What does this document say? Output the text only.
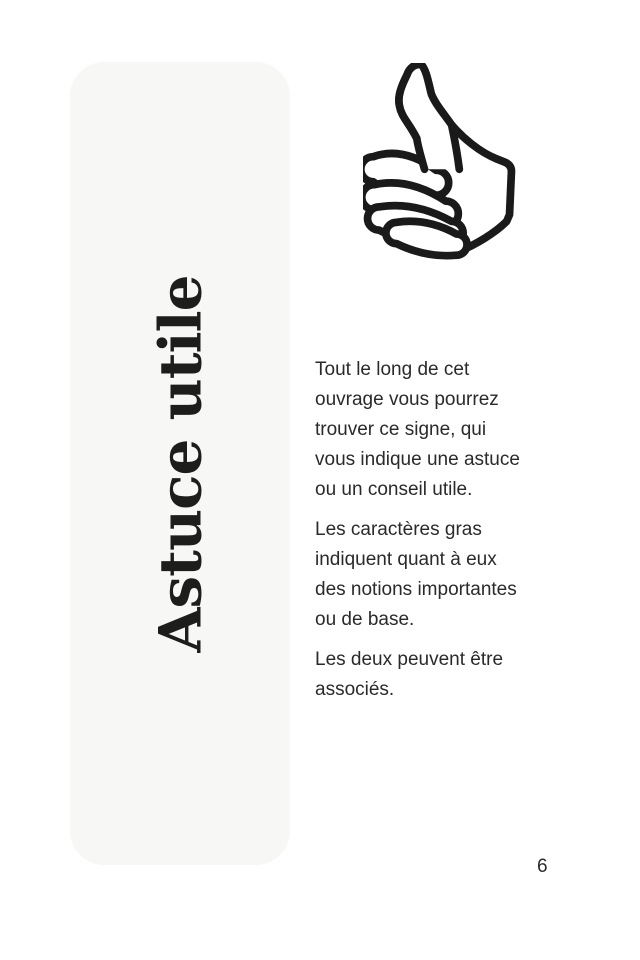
Astuce utile	Tout le long de cet
ouvrage vous pourrez
trouver ce signe, qui
vous indique une astuce
ou un conseil utile.

Les caractères gras
indiquent quant à eux
des notions importantes
ou de base.

Les deux peuvent être
associés.

6
